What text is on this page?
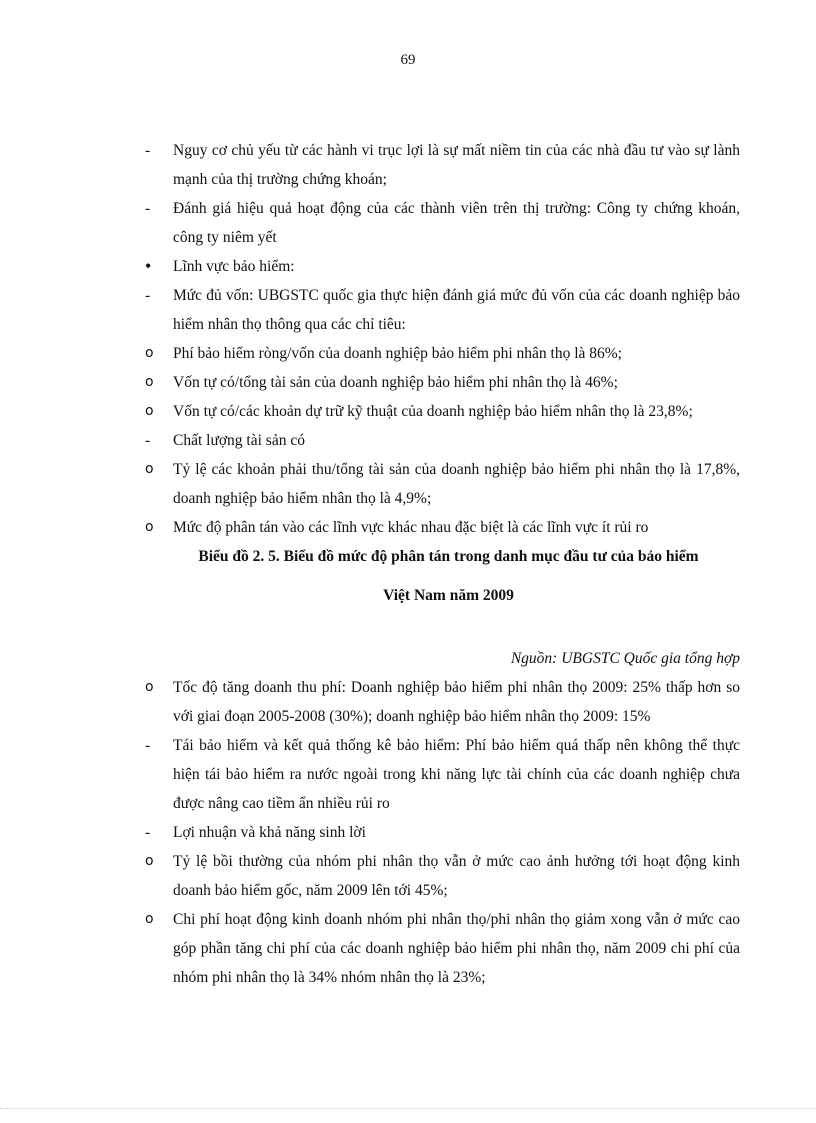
69
-	Nguy cơ chủ yếu từ các hành vi trục lợi là sự mất niềm tin của các nhà đầu tư vào sự lành mạnh của thị trường chứng khoán;
-	Đánh giá hiệu quả hoạt động của các thành viên trên thị trường: Công ty chứng khoán, công ty niêm yết
•	Lĩnh vực bảo hiểm:
-	Mức đủ vốn: UBGSTC quốc gia thực hiện đánh giá mức đủ vốn của các doanh nghiệp bảo hiểm nhân thọ thông qua các chỉ tiêu:
o	Phí bảo hiểm ròng/vốn của doanh nghiệp bảo hiểm phi nhân thọ là 86%;
o	Vốn tự có/tổng tài sản của doanh nghiệp bảo hiểm phi nhân thọ là 46%;
o	Vốn tự có/các khoản dự trữ kỹ thuật của doanh nghiệp bảo hiểm nhân thọ là 23,8%;
-	Chất lượng tài sản có
o	Tỷ lệ các khoản phải thu/tổng tài sản của doanh nghiệp bảo hiểm phi nhân thọ là 17,8%, doanh nghiệp bảo hiểm nhân thọ là 4,9%;
o	Mức độ phân tán vào các lĩnh vực khác nhau đặc biệt là các lĩnh vực ít rủi ro
Biểu đồ 2. 5. Biểu đồ mức độ phân tán trong danh mục đầu tư của bảo hiểm
Việt Nam năm 2009
Nguồn: UBGSTC Quốc gia tổng hợp
o	Tốc độ tăng doanh thu phí: Doanh nghiệp bảo hiểm phi nhân thọ 2009: 25% thấp hơn so với giai đoạn 2005-2008 (30%); doanh nghiệp bảo hiểm nhân thọ 2009: 15%
-	Tái bảo hiểm và kết quả thống kê bảo hiểm: Phí bảo hiểm quá thấp nên không thể thực hiện tái bảo hiểm ra nước ngoài trong khi năng lực tài chính của các doanh nghiệp chưa được nâng cao tiềm ẩn nhiều rủi ro
-	Lợi nhuận và khả năng sinh lời
o	Tỷ lệ bồi thường của nhóm phi nhân thọ vẫn ở mức cao ảnh hưởng tới hoạt động kinh doanh bảo hiểm gốc, năm 2009 lên tới 45%;
o	Chi phí hoạt động kinh doanh nhóm phi nhân thọ/phi nhân thọ giảm xong vẫn ở mức cao góp phần tăng chi phí của các doanh nghiệp bảo hiểm phi nhân thọ, năm 2009 chi phí của nhóm phi nhân thọ là 34% nhóm nhân thọ là 23%;
